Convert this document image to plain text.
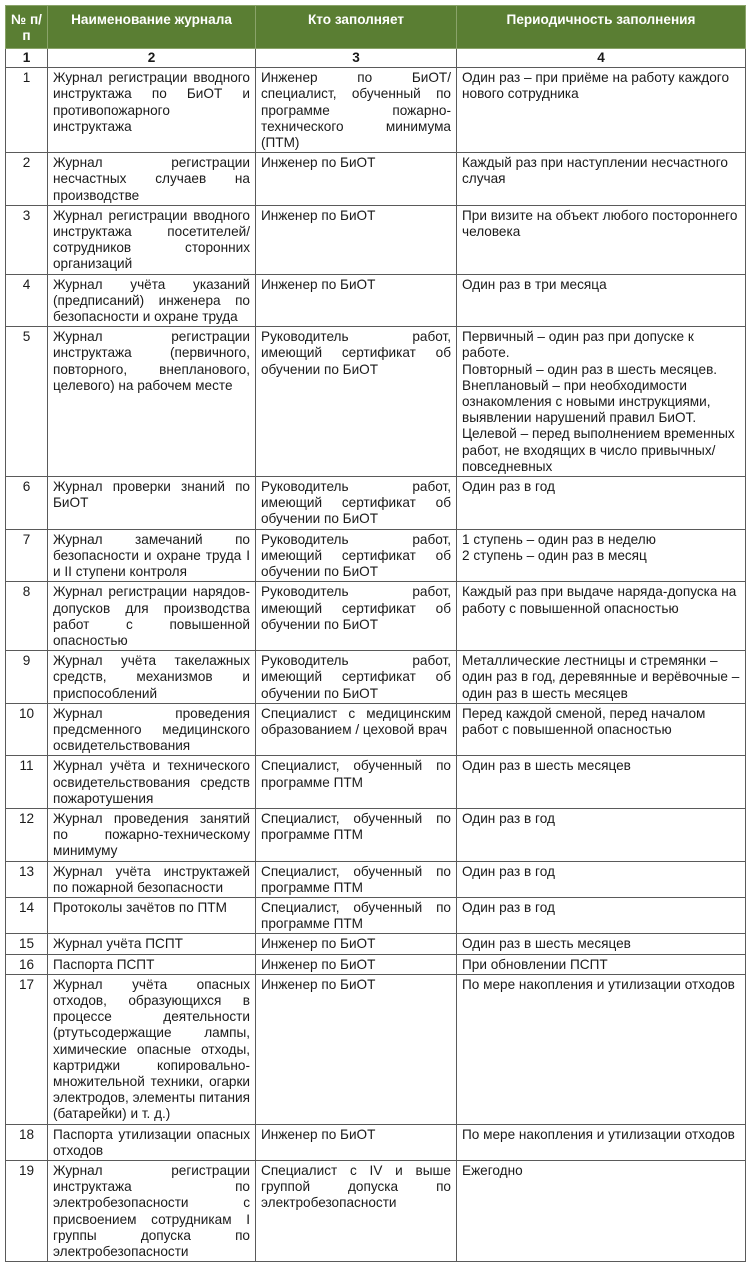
№ п/п	Наименование журнала	Кто заполняет	Периодичность заполнения
1	2	3	4
1	Журнал регистрации вводного инструктажа по БиОТ и противопожарного инструктажа	Инженер по БиОТ/специалист, обученный по программе пожарно-технического минимума (ПТМ)	Один раз – при приёме на работу каждого нового сотрудника

2	Журнал регистрации несчастных случаев на производстве	Инженер по БиОТ	Каждый раз при наступлении несчастного случая

3	Журнал регистрации вводного инструктажа посетителей/сотрудников сторонних организаций	Инженер по БиОТ	При визите на объект любого постороннего человека

4	Журнал учёта указаний (предписаний) инженера по безопасности и охране труда	Инженер по БиОТ	Один раз в три месяца

5	Журнал регистрации инструктажа (первичного, повторного, внепланового, целевого) на рабочем месте	Руководитель работ, имеющий сертификат об обучении по БиОТ	Первичный – один раз при допуске к работе.
Повторный – один раз в шесть месяцев.
Внеплановый – при необходимости ознакомления с новыми инструкциями, выявлении нарушений правил БиОТ.
Целевой – перед выполнением временных работ, не входящих в число привычных/повседневных

6	Журнал проверки знаний по БиОТ	Руководитель работ, имеющий сертификат об обучении по БиОТ	Один раз в год

7	Журнал замечаний по безопасности и охране труда I и II ступени контроля	Руководитель работ, имеющий сертификат об обучении по БиОТ	1 ступень – один раз в неделю
2 ступень – один раз в месяц

8	Журнал регистрации нарядов-допусков для производства работ с повышенной опасностью	Руководитель работ, имеющий сертификат об обучении по БиОТ	Каждый раз при выдаче наряда-допуска на работу с повышенной опасностью

9	Журнал учёта такелажных средств, механизмов и приспособлений	Руководитель работ, имеющий сертификат об обучении по БиОТ	Металлические лестницы и стремянки – один раз в год, деревянные и верёвочные – один раз в шесть месяцев

10	Журнал проведения предсменного медицинского освидетельствования	Специалист с медицинским образованием / цеховой врач	Перед каждой сменой, перед началом работ с повышенной опасностью

11	Журнал учёта и технического освидетельствования средств пожаротушения	Специалист, обученный по программе ПТМ	Один раз в шесть месяцев

12	Журнал проведения занятий по пожарно-техническому минимуму	Специалист, обученный по программе ПТМ	Один раз в год

13	Журнал учёта инструктажей по пожарной безопасности	Специалист, обученный по программе ПТМ	Один раз в год

14	Протоколы зачётов по ПТМ	Специалист, обученный по программе ПТМ	Один раз в год

15	Журнал учёта ПСПТ	Инженер по БиОТ	Один раз в шесть месяцев

16	Паспорта ПСПТ	Инженер по БиОТ	При обновлении ПСПТ

17	Журнал учёта опасных отходов, образующихся в процессе деятельности (ртутьсодержащие лампы, химические опасные отходы, картриджи копировально-множительной техники, огарки электродов, элементы питания (батарейки) и т. д.)	Инженер по БиОТ	По мере накопления и утилизации отходов

18	Паспорта утилизации опасных отходов	Инженер по БиОТ	По мере накопления и утилизации отходов

19	Журнал регистрации инструктажа по электробезопасности с присвоением сотрудникам I группы допуска по электробезопасности	Специалист с IV и выше группой допуска по электробезопасности	Ежегодно
